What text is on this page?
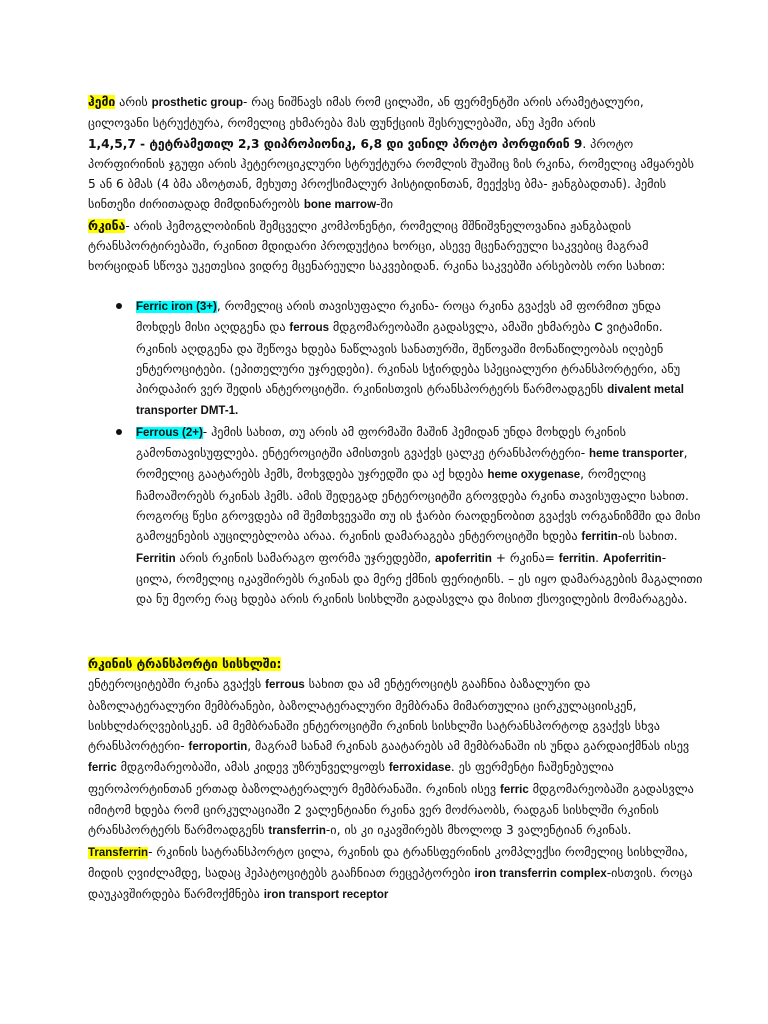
ჰემი არის prosthetic group- რაც ნიშნავს იმას რომ ცილაში, ან ფერმენტში არის არამეტალური, ცილოვანი სტრუქტურა, რომელიც ეხმარება მას ფუნქციის შესრულებაში, ანუ ჰემი არის

1,4,5,7 - ტეტრამეთილ 2,3 დიპროპიონიკ, 6,8 დი ვინილ პროტო პორფირინ 9. პროტო პორფირინის ჯგუფი არის ჰეტეროციკლური სტრუქტურა რომლის შუაშიც ზის რკინა, რომელიც ამყარებს 5 ან 6 ბმას (4 ბმა აზოტთან, მეხუთე პროქსიმალურ ჰისტიდინთან, მეექვსე ბმა- ჟანგბადთან). ჰემის სინთეზი ძირითადად მიმდინარეობს bone marrow-ში

რკინა- არის ჰემოგლობინის შემცველი კომპონენტი, რომელიც მშნიშვნელოვანია ჟანგბადის ტრანსპორტირებაში, რკინით მდიდარი პროდუქტია ხორცი, ასევე მცენარეული საკვებიც მაგრამ ხორციდან სწოვა უკეთესია ვიდრე მცენარეული საკვებიდან. რკინა საკვებში არსებობს ორი სახით:

Ferric iron (3+), რომელიც არის თავისუფალი რკინა- როცა რკინა გვაქვს ამ ფორმით უნდა მოხდეს მისი აღდგენა და ferrous მდგომარეობაში გადასვლა, ამაში ეხმარება C ვიტამინი. რკინის აღდგენა და შეწოვა ხდება ნაწლავის სანათურში, შეწოვაში მონაწილეობას იღებენ ენტეროციტები. (ეპითელური უჯრედები). რკინას სჭირდება სპეციალური ტრანსპორტერი, ანუ პირდაპირ ვერ შედის ანტეროციტში. რკინისთვის ტრანსპორტერს წარმოადგენს divalent metal transporter DMT-1.
Ferrous (2+)- ჰემის სახით, თუ არის ამ ფორმაში მაშინ ჰემიდან უნდა მოხდეს რკინის გამონთავისუფლება. ენტეროციტში ამისთვის გვაქვს ცალკე ტრანსპორტერი- heme transporter, რომელიც გაატარებს ჰემს, მოხვდება უჯრედში და აქ ხდება heme oxygenase, რომელიც ჩამოაშორებს რკინას ჰემს. ამის შედეგად ენტეროციტში გროვდება რკინა თავისუფალი სახით. როგორც წესი გროვდება იმ შემთხვევაში თუ ის ჭარბი რაოდენობით გვაქვს ორგანიზმში და მისი გამოყენების აუცილებლობა არაა. რკინის დამარაგება ენტეროციტში ხდება ferritin-ის სახით. Ferritin არის რკინის სამარაგო ფორმა უჯრედებში, apoferritin + რკინა= ferritin. Apoferritin- ცილა, რომელიც იკავშირებს რკინას და მერე ქმნის ფერიტინს. – ეს იყო დამარაგების მაგალითი და ნუ მეორე რაც ხდება არის რკინის სისხლში გადასვლა და მისით ქსოვილების მომარაგება.

რკინის ტრანსპორტი სისხლში:

ენტეროციტებში რკინა გვაქვს ferrous სახით და ამ ენტეროციტს გააჩნია ბაზალური და ბაზოლატერალური მემბრანები, ბაზოლატერალური მემბრანა მიმართულია ცირკულაციისკენ, სისხლძარღვებისკენ. ამ მემბრანაში ენტეროციტში რკინის სისხლში სატრანსპორტოდ გვაქვს სხვა ტრანსპორტერი- ferroportin, მაგრამ სანამ რკინას გაატარებს ამ მემბრანაში ის უნდა გარდაიქმნას ისევ ferric მდგომარეობაში, ამას კიდევ უზრუნველყოფს ferroxidase. ეს ფერმენტი ჩაშენებულია ფეროპორტინთან ერთად ბაზოლატერალურ მემბრანაში. რკინის ისევ ferric მდგომარეობაში გადასვლა იმიტომ ხდება რომ ცირკულაციაში 2 ვალენტიანი რკინა ვერ მოძრაობს, რადგან სისხლში რკინის ტრანსპორტერს წარმოადგენს transferrin-ი, ის კი იკავშირებს მხოლოდ 3 ვალენტიან რკინას.

Transferrin- რკინის სატრანსპორტო ცილა, რკინის და ტრანსფერინის კომპლექსი რომელიც სისხლშია, მიდის ღვიძლამდე, სადაც ჰეპატოციტებს გააჩნიათ რეცეპტორები iron transferrin complex-ისთვის. როცა დაუკავშირდება წარმოქმნება iron transport receptor
